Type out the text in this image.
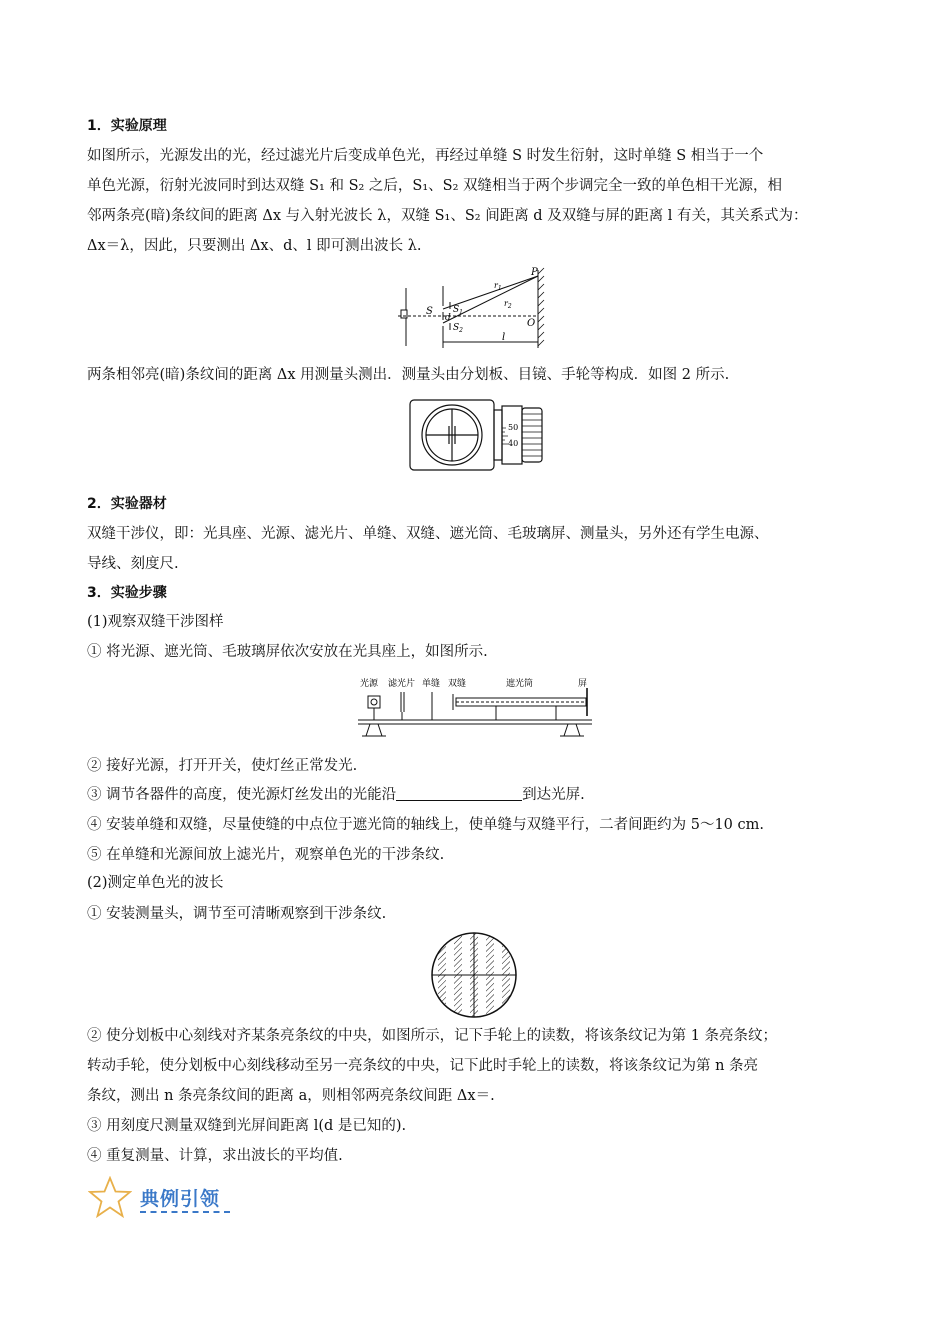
1．实验原理
如图所示，光源发出的光，经过滤光片后变成单色光，再经过单缝 S 时发生衍射，这时单缝 S 相当于一个
单色光源，衍射光波同时到达双缝 S₁ 和 S₂ 之后，S₁、S₂ 双缝相当于两个步调完全一致的单色相干光源，相
邻两条亮(暗)条纹间的距离 Δx 与入射光波长 λ，双缝 S₁、S₂ 间距离 d 及双缝与屏的距离 l 有关，其关系式为：
Δx＝λ，因此，只要测出 Δx、d、l 即可测出波长 λ.
P
$r_1$
$r_2$
S $S_1$
d
$S_2$
O
l
两条相邻亮(暗)条纹间的距离 Δx 用测量头测出．测量头由分划板、目镜、手轮等构成．如图 2 所示.
50
40
2．实验器材
双缝干涉仪，即：光具座、光源、滤光片、单缝、双缝、遮光筒、毛玻璃屏、测量头，另外还有学生电源、
导线、刻度尺.
3．实验步骤
(1)观察双缝干涉图样
① 将光源、遮光筒、毛玻璃屏依次安放在光具座上，如图所示.
光源 滤光片 单缝 双缝	遮光筒	屏
② 接好光源，打开开关，使灯丝正常发光.
③ 调节各器件的高度，使光源灯丝发出的光能沿	到达光屏.
④ 安装单缝和双缝，尽量使缝的中点位于遮光筒的轴线上，使单缝与双缝平行，二者间距约为 5～10 cm.
⑤ 在单缝和光源间放上滤光片，观察单色光的干涉条纹.
(2)测定单色光的波长
① 安装测量头，调节至可清晰观察到干涉条纹.
② 使分划板中心刻线对齐某条亮条纹的中央，如图所示，记下手轮上的读数，将该条纹记为第 1 条亮条纹；
转动手轮，使分划板中心刻线移动至另一亮条纹的中央，记下此时手轮上的读数，将该条纹记为第 n 条亮
条纹，测出 n 条亮条纹间的距离 a，则相邻两亮条纹间距 Δx＝.
③ 用刻度尺测量双缝到光屏间距离 l(d 是已知的).
④ 重复测量、计算，求出波长的平均值.
典例引领
